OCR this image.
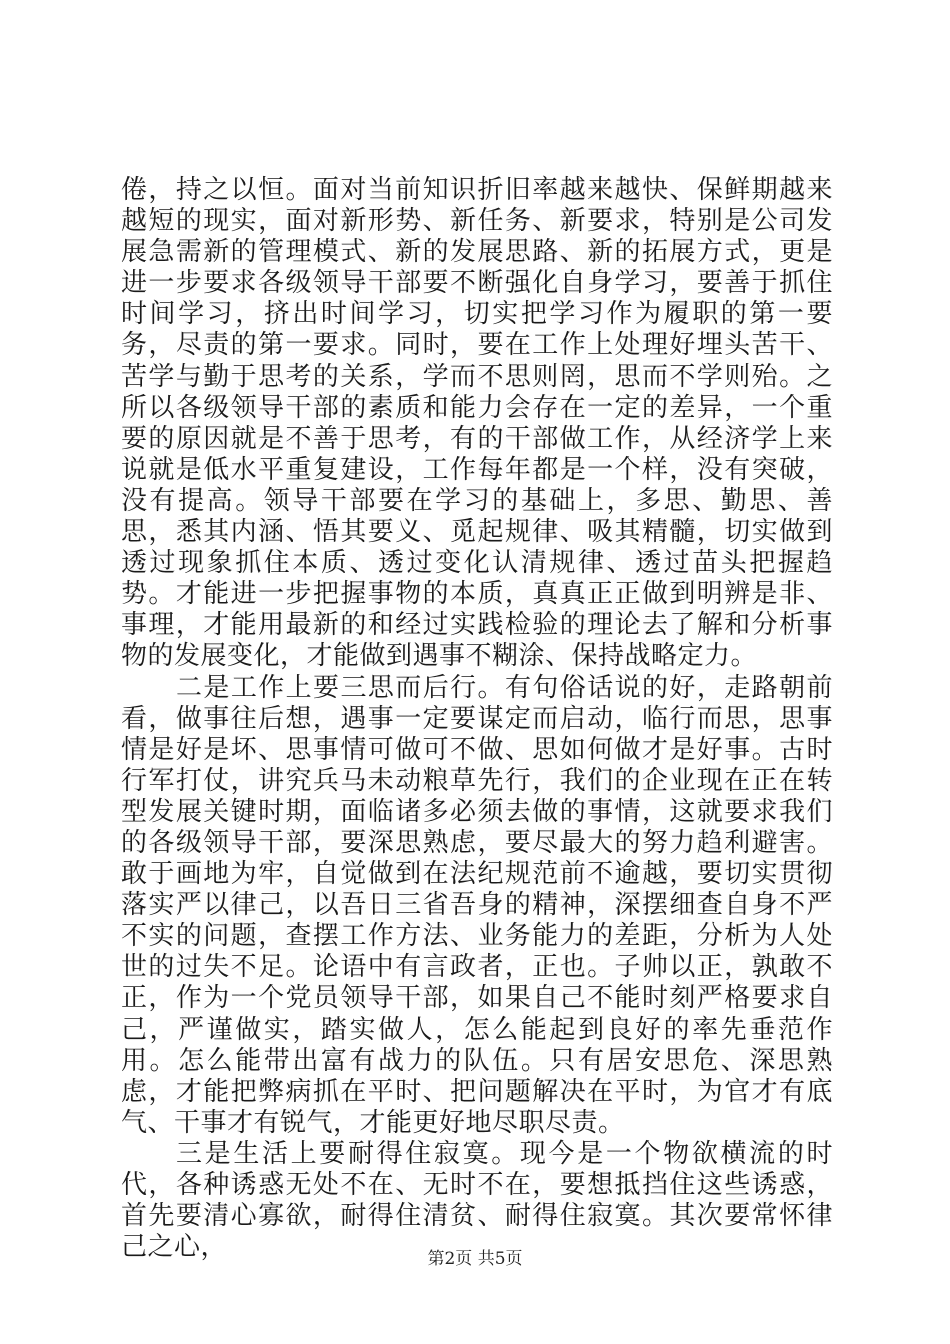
倦，持之以恒。面对当前知识折旧率越来越快、保鲜期越来越短的现实，面对新形势、新任务、新要求，特别是公司发展急需新的管理模式、新的发展思路、新的拓展方式，更是进一步要求各级领导干部要不断强化自身学习，要善于抓住时间学习，挤出时间学习，切实把学习作为履职的第一要务，尽责的第一要求。同时，要在工作上处理好埋头苦干、苦学与勤于思考的关系，学而不思则罔，思而不学则殆。之所以各级领导干部的素质和能力会存在一定的差异，一个重要的原因就是不善于思考，有的干部做工作，从经济学上来说就是低水平重复建设，工作每年都是一个样，没有突破，没有提高。领导干部要在学习的基础上，多思、勤思、善思，悉其内涵、悟其要义、觅起规律、吸其精髓，切实做到透过现象抓住本质、透过变化认清规律、透过苗头把握趋势。才能进一步把握事物的本质，真真正正做到明辨是非、事理，才能用最新的和经过实践检验的理论去了解和分析事物的发展变化，才能做到遇事不糊涂、保持战略定力。

二是工作上要三思而后行。有句俗话说的好，走路朝前看，做事往后想，遇事一定要谋定而启动，临行而思，思事情是好是坏、思事情可做可不做、思如何做才是好事。古时行军打仗，讲究兵马未动粮草先行，我们的企业现在正在转型发展关键时期，面临诸多必须去做的事情，这就要求我们的各级领导干部，要深思熟虑，要尽最大的努力趋利避害。敢于画地为牢，自觉做到在法纪规范前不逾越，要切实贯彻落实严以律己，以吾日三省吾身的精神，深摆细查自身不严不实的问题，查摆工作方法、业务能力的差距，分析为人处世的过失不足。论语中有言政者，正也。子帅以正，孰敢不正，作为一个党员领导干部，如果自己不能时刻严格要求自己，严谨做实，踏实做人，怎么能起到良好的率先垂范作用。怎么能带出富有战力的队伍。只有居安思危、深思熟虑，才能把弊病抓在平时、把问题解决在平时，为官才有底气、干事才有锐气，才能更好地尽职尽责。

三是生活上要耐得住寂寞。现今是一个物欲横流的时代，各种诱惑无处不在、无时不在，要想抵挡住这些诱惑，首先要清心寡欲，耐得住清贫、耐得住寂寞。其次要常怀律己之心，	第2页 共5页
